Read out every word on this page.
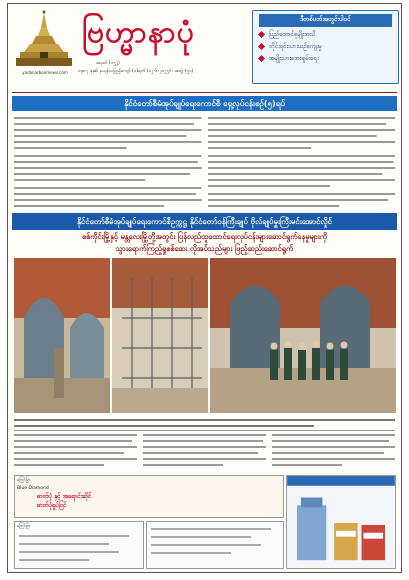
yadanarbonmews.com
ဗြဟ္မာနာပုံ
အမှတ် (၁၅၂)
၁၃၈၇ ခုနှစ်၊ နယုန်လပြည့်ကျော် (၁)ရက် (၁၂-၆-၂၀၂၅) ၊ အတွဲ (၅၁)
ဒီတစ်ပတ်အတွင်းပါဝင်
ပြည်ထောင်စုမျိုးအသိ
တိုင်းရင်းသားယဉ်ကျေးမှု
အမျိုးသားအေးချမ်းရေး
နိုင်ငံတော်စီမံအုပ်ချုပ်ရေးကောင်စီ ရှေ့လုပ်ငန်းစဉ်(၅)ရပ်
နိုင်ငံတော်စီမံအုပ်ချုပ်ရေးကောင်စီဥက္ကဋ္ဌ နိုင်ငံတော်ဝန်ကြီးချုပ် ဗိုလ်ချုပ်မှူးကြီးမင်းအောင်လှိုင်
စစ်ကိုင်းမြို့နှင့် မန္တလေးမြို့တို့အတွင်း ပြန်လည်ထူထောင်ရေးလုပ်ငန်းများဆောင်ရွက်နေမှုများကို
သွားရောက်ကြည့်ရှုစစ်ဆေး လိုအပ်သည်များ ဖြည့်ဆည်းဆောင်ရွက်
ကြော်ငြာ
Blue Diamond
ဓာတ်ပုံ နှင့် အရောင်းဆိုင်
ဓာတ်ပုံရှုပ်ငြင်
ကြော်ငြာ
